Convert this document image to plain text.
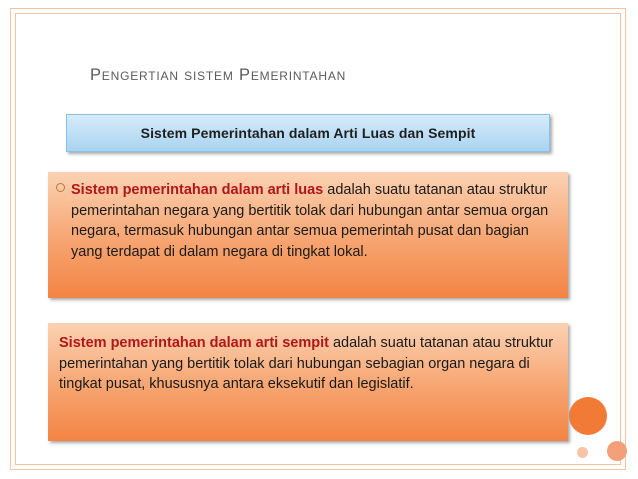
Pengertian sistem Pemerintahan
Sistem Pemerintahan dalam Arti Luas dan Sempit
Sistem pemerintahan dalam arti luas adalah suatu tatanan atau struktur pemerintahan negara yang bertitik tolak dari hubungan antar semua organ negara, termasuk hubungan antar semua pemerintah pusat dan bagian yang terdapat di dalam negara di tingkat lokal.
Sistem pemerintahan dalam arti sempit adalah suatu tatanan atau struktur pemerintahan yang bertitik tolak dari hubungan sebagian organ negara di tingkat pusat, khususnya antara eksekutif dan legislatif.
